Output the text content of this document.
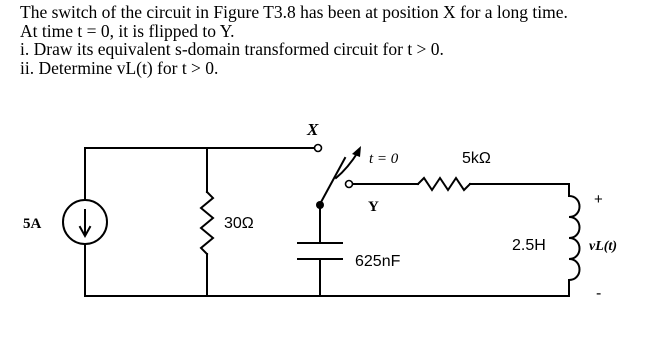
The switch of the circuit in Figure T3.8 has been at position X for a long time.
At time t = 0, it is flipped to Y.
i. Draw its equivalent s-domain transformed circuit for t > 0.
ii. Determine vL(t) for t > 0.
5A	30Ω
X
t = 0
Y
625nF
5kΩ
2.5H	vL(t)
+
-
